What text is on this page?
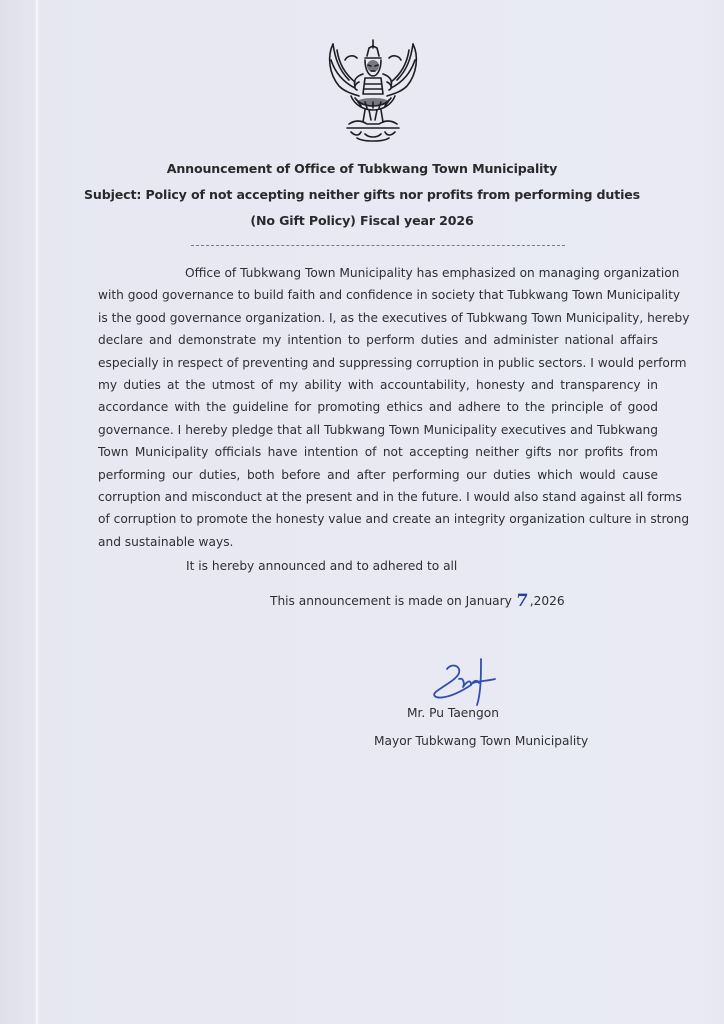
Announcement of Office of Tubkwang Town Municipality
Subject: Policy of not accepting neither gifts nor profits from performing duties
(No Gift Policy) Fiscal year 2026
Office of Tubkwang Town Municipality has emphasized on managing organization
with good governance to build faith and confidence in society that Tubkwang Town Municipality
is the good governance organization. I, as the executives of Tubkwang Town Municipality, hereby
declare and demonstrate my intention to perform duties and administer national affairs
especially in respect of preventing and suppressing corruption in public sectors. I would perform
my duties at the utmost of my ability with accountability, honesty and transparency in
accordance with the guideline for promoting ethics and adhere to the principle of good
governance. I hereby pledge that all Tubkwang Town Municipality executives and Tubkwang
Town Municipality officials have intention of not accepting neither gifts nor profits from
performing our duties, both before and after performing our duties which would cause
corruption and misconduct at the present and in the future. I would also stand against all forms
of corruption to promote the honesty value and create an integrity organization culture in strong
and sustainable ways.
It is hereby announced and to adhered to all
This announcement is made on January 7,2026
Mr. Pu Taengon
Mayor Tubkwang Town Municipality
